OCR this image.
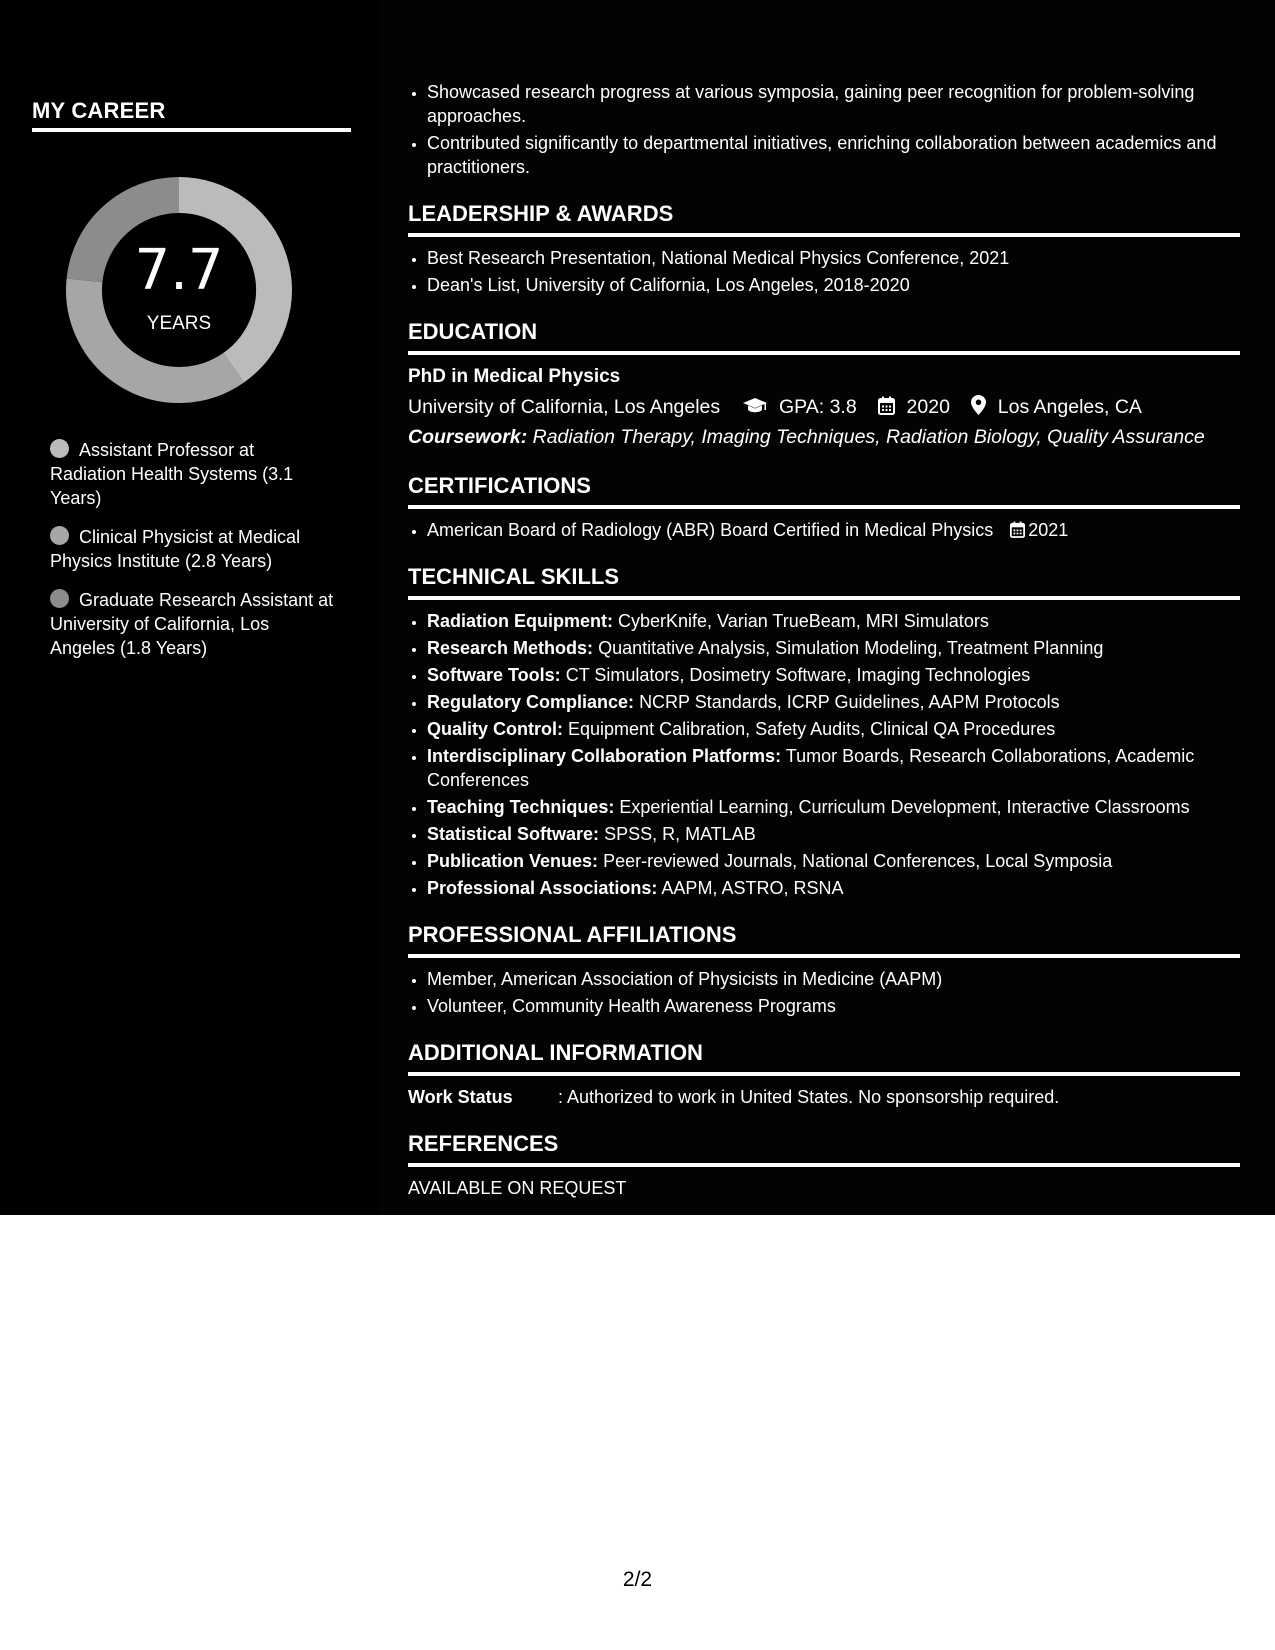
MY CAREER
7.7
YEARS
Assistant Professor at Radiation Health Systems (3.1 Years)
Clinical Physicist at Medical Physics Institute (2.8 Years)
Graduate Research Assistant at University of California, Los Angeles (1.8 Years)
• Showcased research progress at various symposia, gaining peer recognition for problem-solving approaches.
• Contributed significantly to departmental initiatives, enriching collaboration between academics and practitioners.
LEADERSHIP & AWARDS
• Best Research Presentation, National Medical Physics Conference, 2021
• Dean's List, University of California, Los Angeles, 2018-2020
EDUCATION
PhD in Medical Physics
University of California, Los Angeles	GPA: 3.8	2020 Los Angeles, CA
Coursework: Radiation Therapy, Imaging Techniques, Radiation Biology, Quality Assurance
CERTIFICATIONS
• American Board of Radiology (ABR) Board Certified in Medical Physics 2021
TECHNICAL SKILLS
• Radiation Equipment: CyberKnife, Varian TrueBeam, MRI Simulators
• Research Methods: Quantitative Analysis, Simulation Modeling, Treatment Planning
• Software Tools: CT Simulators, Dosimetry Software, Imaging Technologies
• Regulatory Compliance: NCRP Standards, ICRP Guidelines, AAPM Protocols
• Quality Control: Equipment Calibration, Safety Audits, Clinical QA Procedures
• Interdisciplinary Collaboration Platforms: Tumor Boards, Research Collaborations, Academic Conferences
• Teaching Techniques: Experiential Learning, Curriculum Development, Interactive Classrooms
• Statistical Software: SPSS, R, MATLAB
• Publication Venues: Peer-reviewed Journals, National Conferences, Local Symposia
• Professional Associations: AAPM, ASTRO, RSNA
PROFESSIONAL AFFILIATIONS
• Member, American Association of Physicists in Medicine (AAPM)
• Volunteer, Community Health Awareness Programs
ADDITIONAL INFORMATION
Work Status	: Authorized to work in United States. No sponsorship required.
REFERENCES
AVAILABLE ON REQUEST
2/2
